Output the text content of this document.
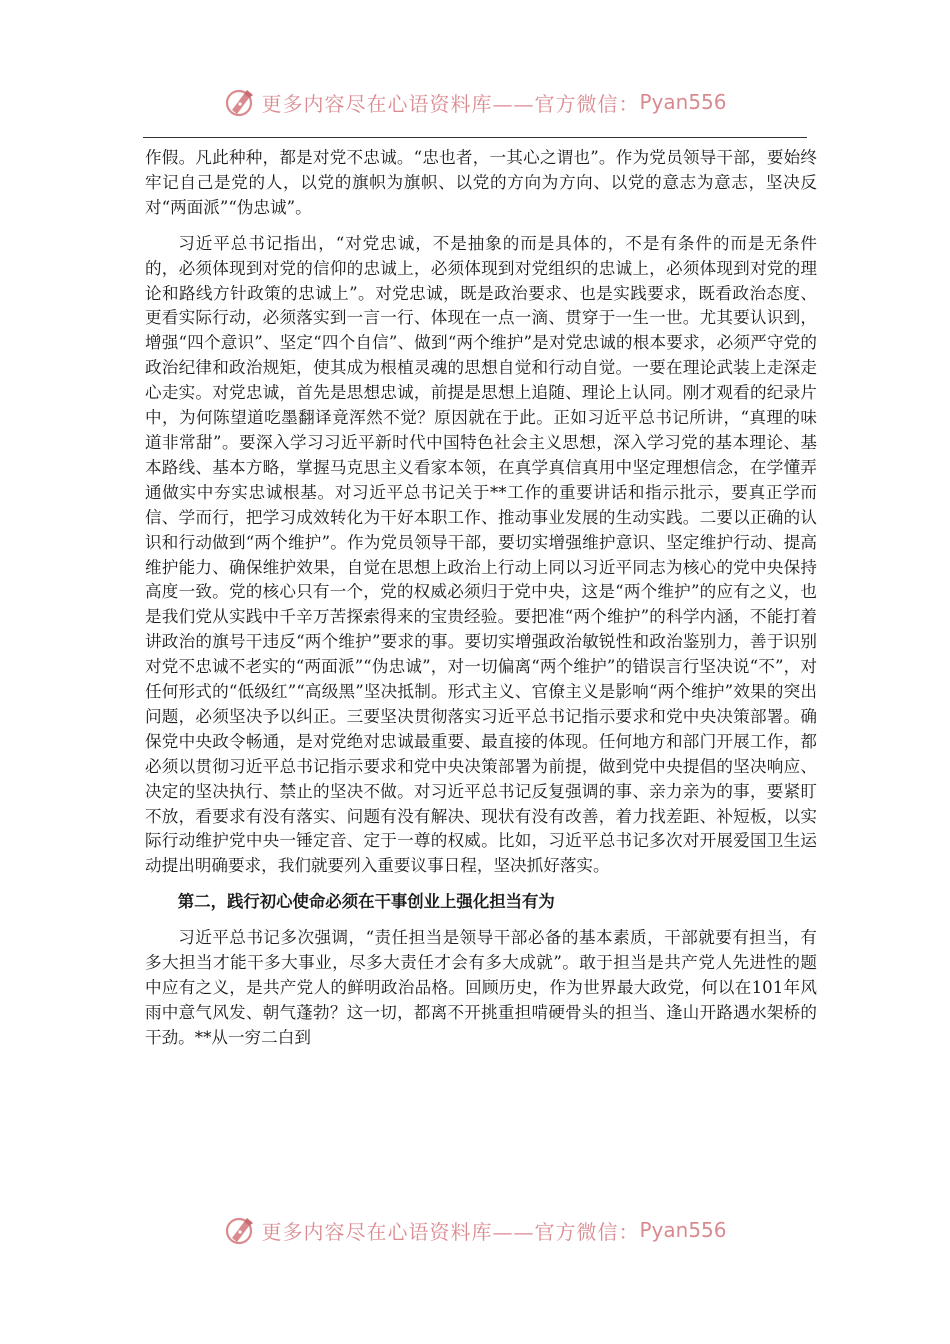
更多内容尽在心语资料库——官方微信： Pyan556

作假。凡此种种，都是对党不忠诚。“忠也者，一其心之谓也”。作为党员领导干部，要始终牢记自己是党的人，以党的旗帜为旗帜、以党的方向为方向、以党的意志为意志，坚决反对“两面派”“伪忠诚”。

习近平总书记指出，“对党忠诚，不是抽象的而是具体的，不是有条件的而是无条件的，必须体现到对党的信仰的忠诚上，必须体现到对党组织的忠诚上，必须体现到对党的理论和路线方针政策的忠诚上”。对党忠诚，既是政治要求、也是实践要求，既看政治态度、更看实际行动，必须落实到一言一行、体现在一点一滴、贯穿于一生一世。尤其要认识到，增强“四个意识”、坚定“四个自信”、做到“两个维护”是对党忠诚的根本要求，必须严守党的政治纪律和政治规矩，使其成为根植灵魂的思想自觉和行动自觉。一要在理论武装上走深走心走实。对党忠诚，首先是思想忠诚，前提是思想上追随、理论上认同。刚才观看的纪录片中，为何陈望道吃墨翻译竟浑然不觉？原因就在于此。正如习近平总书记所讲，“真理的味道非常甜”。要深入学习习近平新时代中国特色社会主义思想，深入学习党的基本理论、基本路线、基本方略，掌握马克思主义看家本领，在真学真信真用中坚定理想信念，在学懂弄通做实中夯实忠诚根基。对习近平总书记关于**工作的重要讲话和指示批示，要真正学而信、学而行，把学习成效转化为干好本职工作、推动事业发展的生动实践。二要以正确的认识和行动做到“两个维护”。作为党员领导干部，要切实增强维护意识、坚定维护行动、提高维护能力、确保维护效果，自觉在思想上政治上行动上同以习近平同志为核心的党中央保持高度一致。党的核心只有一个，党的权威必须归于党中央，这是“两个维护”的应有之义，也是我们党从实践中千辛万苦探索得来的宝贵经验。要把准“两个维护”的科学内涵，不能打着讲政治的旗号干违反“两个维护”要求的事。要切实增强政治敏锐性和政治鉴别力，善于识别对党不忠诚不老实的“两面派”“伪忠诚”，对一切偏离“两个维护”的错误言行坚决说“不”，对任何形式的“低级红”“高级黑”坚决抵制。形式主义、官僚主义是影响“两个维护”效果的突出问题，必须坚决予以纠正。三要坚决贯彻落实习近平总书记指示要求和党中央决策部署。确保党中央政令畅通，是对党绝对忠诚最重要、最直接的体现。任何地方和部门开展工作，都必须以贯彻习近平总书记指示要求和党中央决策部署为前提，做到党中央提倡的坚决响应、决定的坚决执行、禁止的坚决不做。对习近平总书记反复强调的事、亲力亲为的事，要紧盯不放，看要求有没有落实、问题有没有解决、现状有没有改善，着力找差距、补短板，以实际行动维护党中央一锤定音、定于一尊的权威。比如，习近平总书记多次对开展爱国卫生运动提出明确要求，我们就要列入重要议事日程，坚决抓好落实。

第二，践行初心使命必须在干事创业上强化担当有为

习近平总书记多次强调，“责任担当是领导干部必备的基本素质，干部就要有担当，有多大担当才能干多大事业，尽多大责任才会有多大成就”。敢于担当是共产党人先进性的题中应有之义，是共产党人的鲜明政治品格。回顾历史，作为世界最大政党，何以在101年风雨中意气风发、朝气蓬勃？这一切，都离不开挑重担啃硬骨头的担当、逢山开路遇水架桥的干劲。**从一穷二白到

更多内容尽在心语资料库——官方微信： Pyan556
